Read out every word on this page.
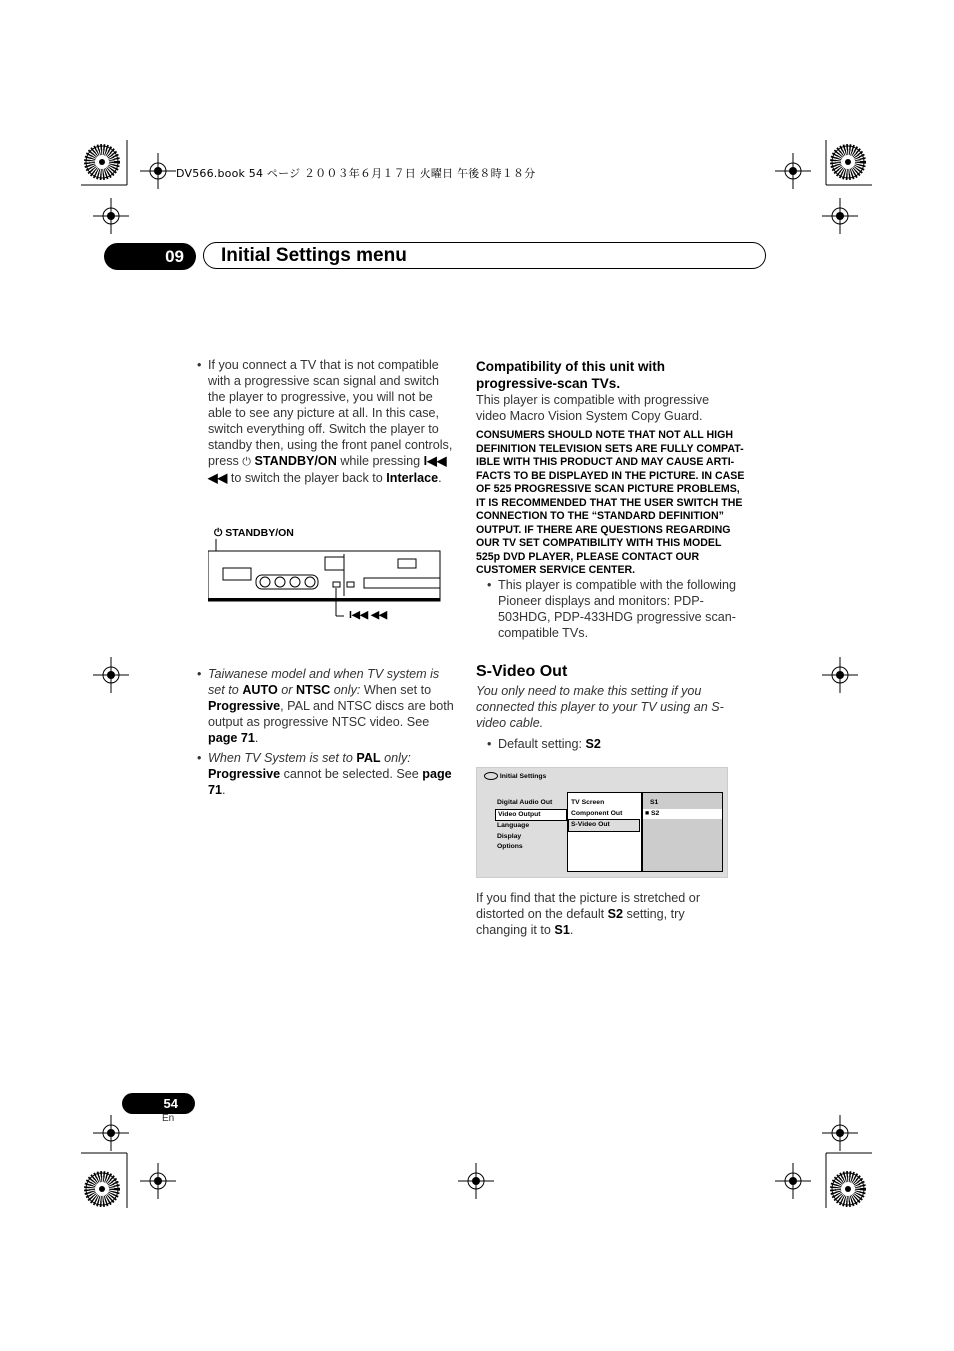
DV566.book 54 ページ ２００３年６月１７日 火曜日 午後８時１８分
09	Initial Settings menu
• If you connect a TV that is not compatible with a progressive scan signal and switch the player to progressive, you will not be able to see any picture at all. In this case, switch everything off. Switch the player to standby then, using the front panel controls, press ⏻ STANDBY/ON while pressing I◀◀ ◀◀ to switch the player back to Interlace.
⏻ STANDBY/ON
I◀◀ ◀◀
• Taiwanese model and when TV system is set to AUTO or NTSC only: When set to Progressive, PAL and NTSC discs are both output as progressive NTSC video. See page 71.
• When TV System is set to PAL only:
Progressive cannot be selected. See page 71.
Compatibility of this unit with progressive-scan TVs.
This player is compatible with progressive video Macro Vision System Copy Guard.
CONSUMERS SHOULD NOTE THAT NOT ALL HIGH DEFINITION TELEVISION SETS ARE FULLY COMPAT-IBLE WITH THIS PRODUCT AND MAY CAUSE ARTI-FACTS TO BE DISPLAYED IN THE PICTURE. IN CASE OF 525 PROGRESSIVE SCAN PICTURE PROBLEMS, IT IS RECOMMENDED THAT THE USER SWITCH THE CONNECTION TO THE “STANDARD DEFINITION” OUTPUT. IF THERE ARE QUESTIONS REGARDING OUR TV SET COMPATIBILITY WITH THIS MODEL 525p DVD PLAYER, PLEASE CONTACT OUR CUSTOMER SERVICE CENTER.
• This player is compatible with the following Pioneer displays and monitors: PDP-503HDG, PDP-433HDG progressive scan-compatible TVs.
S-Video Out
You only need to make this setting if you connected this player to your TV using an S-video cable.
• Default setting: S2
Initial Settings
Digital Audio Out
Video Output
Language
Display
Options
TV Screen
Component Out
S-Video Out
S1
■ S2
If you find that the picture is stretched or distorted on the default S2 setting, try changing it to S1.
54
En
